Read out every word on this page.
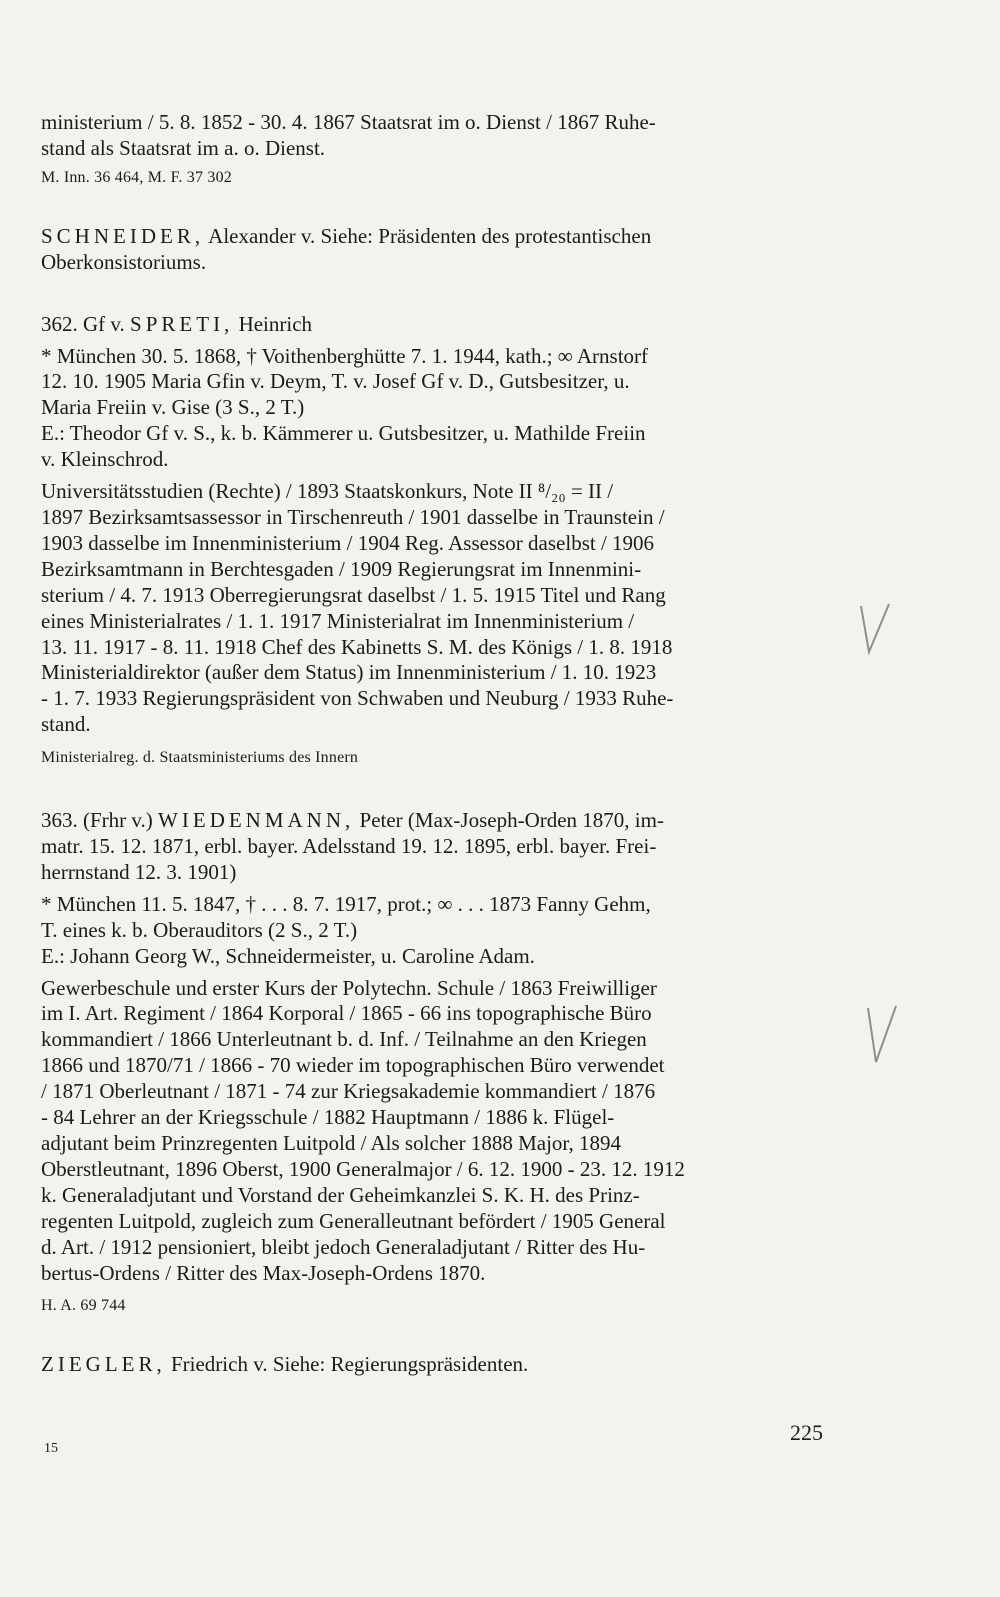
ministerium / 5. 8. 1852 - 30. 4. 1867 Staatsrat im o. Dienst / 1867 Ruhe-
stand als Staatsrat im a. o. Dienst.

M. Inn. 36 464, M. F. 37 302

SCHNEIDER, Alexander v. Siehe: Präsidenten des protestantischen
Oberkonsistoriums.

362. Gf v. SPRETI, Heinrich

* München 30. 5. 1868, † Voithenberghütte 7. 1. 1944, kath.; ∞ Arnstorf
12. 10. 1905 Maria Gfin v. Deym, T. v. Josef Gf v. D., Gutsbesitzer, u.
Maria Freiin v. Gise (3 S., 2 T.)
E.: Theodor Gf v. S., k. b. Kämmerer u. Gutsbesitzer, u. Mathilde Freiin
v. Kleinschrod.

Universitätsstudien (Rechte) / 1893 Staatskonkurs, Note II ⁸/₂₀ = II /
1897 Bezirksamtsassessor in Tirschenreuth / 1901 dasselbe in Traunstein /
1903 dasselbe im Innenministerium / 1904 Reg. Assessor daselbst / 1906
Bezirksamtmann in Berchtesgaden / 1909 Regierungsrat im Innenmini-
sterium / 4. 7. 1913 Oberregierungsrat daselbst / 1. 5. 1915 Titel und Rang
eines Ministerialrates / 1. 1. 1917 Ministerialrat im Innenministerium /
13. 11. 1917 - 8. 11. 1918 Chef des Kabinetts S. M. des Königs / 1. 8. 1918
Ministerialdirektor (außer dem Status) im Innenministerium / 1. 10. 1923
- 1. 7. 1933 Regierungspräsident von Schwaben und Neuburg / 1933 Ruhe-
stand.

Ministerialreg. d. Staatsministeriums des Innern

363. (Frhr v.) WIEDENMANN, Peter (Max-Joseph-Orden 1870, im-
matr. 15. 12. 1871, erbl. bayer. Adelsstand 19. 12. 1895, erbl. bayer. Frei-
herrnstand 12. 3. 1901)

* München 11. 5. 1847, † . . . 8. 7. 1917, prot.; ∞ . . . 1873 Fanny Gehm,
T. eines k. b. Oberauditors (2 S., 2 T.)
E.: Johann Georg W., Schneidermeister, u. Caroline Adam.

Gewerbeschule und erster Kurs der Polytechn. Schule / 1863 Freiwilliger
im I. Art. Regiment / 1864 Korporal / 1865 - 66 ins topographische Büro
kommandiert / 1866 Unterleutnant b. d. Inf. / Teilnahme an den Kriegen
1866 und 1870/71 / 1866 - 70 wieder im topographischen Büro verwendet
/ 1871 Oberleutnant / 1871 - 74 zur Kriegsakademie kommandiert / 1876
- 84 Lehrer an der Kriegsschule / 1882 Hauptmann / 1886 k. Flügel-
adjutant beim Prinzregenten Luitpold / Als solcher 1888 Major, 1894
Oberstleutnant, 1896 Oberst, 1900 Generalmajor / 6. 12. 1900 - 23. 12. 1912
k. Generaladjutant und Vorstand der Geheimkanzlei S. K. H. des Prinz-
regenten Luitpold, zugleich zum Generalleutnant befördert / 1905 General
d. Art. / 1912 pensioniert, bleibt jedoch Generaladjutant / Ritter des Hu-
bertus-Ordens / Ritter des Max-Joseph-Ordens 1870.

H. A. 69 744

ZIEGLER, Friedrich v. Siehe: Regierungspräsidenten.

225
15
